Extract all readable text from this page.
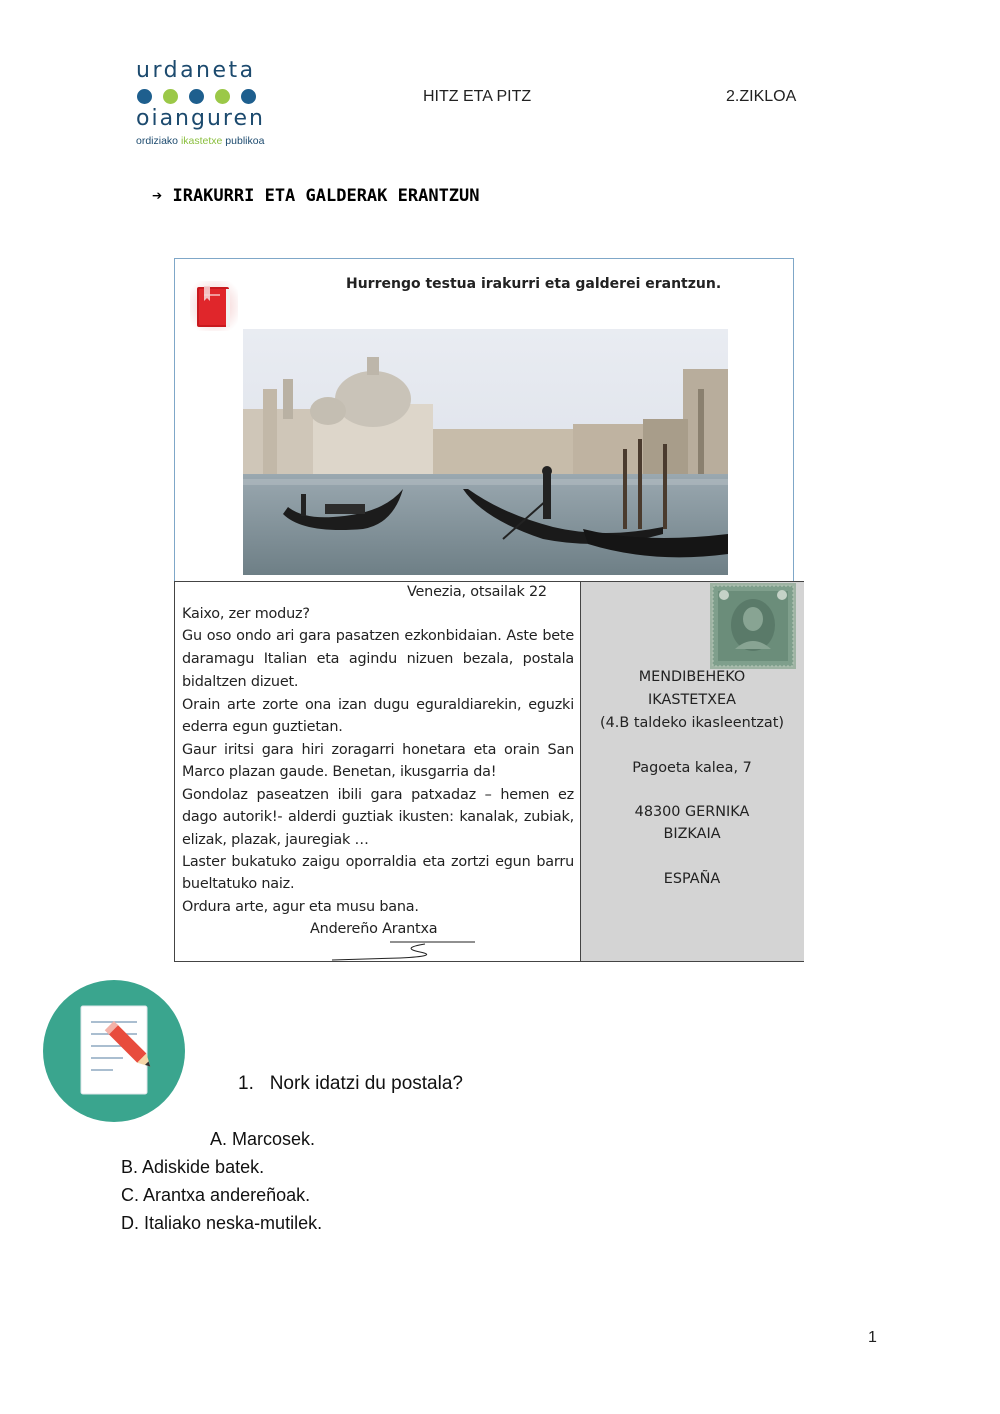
urdaneta
oianguren
ordiziako ikastetxe publikoa
HITZ ETA PITZ	2.ZIKLOA
➔ IRAKURRI ETA GALDERAK ERANTZUN
Hurrengo testua irakurri eta galderei erantzun.
Venezia, otsailak 22
Kaixo, zer moduz?
Gu oso ondo ari gara pasatzen ezkonbidaian. Aste bete
daramagu Italian eta agindu nizuen bezala, postala
bidaltzen dizuet.
Orain arte zorte ona izan dugu eguraldiarekin, eguzki
ederra egun guztietan.
Gaur iritsi gara hiri zoragarri honetara eta orain San
Marco plazan gaude. Benetan, ikusgarria da!
Gondolaz paseatzen ibili gara patxadaz – hemen ez
dago autorik!- alderdi guztiak ikusten: kanalak, zubiak,
elizak, plazak, jauregiak …
Laster bukatuko zaigu oporraldia eta zortzi egun barru
bueltatuko naiz.
Ordura arte, agur eta musu bana.
Andereño Arantxa
MENDIBEHEKO
IKASTETXEA
(4.B taldeko ikasleentzat)
Pagoeta kalea, 7
48300 GERNIKA
BIZKAIA
ESPAÑA
1. Nork idatzi du postala?
A. Marcosek.
B. Adiskide batek.
C. Arantxa andereñoak.
D. Italiako neska-mutilek.
1
